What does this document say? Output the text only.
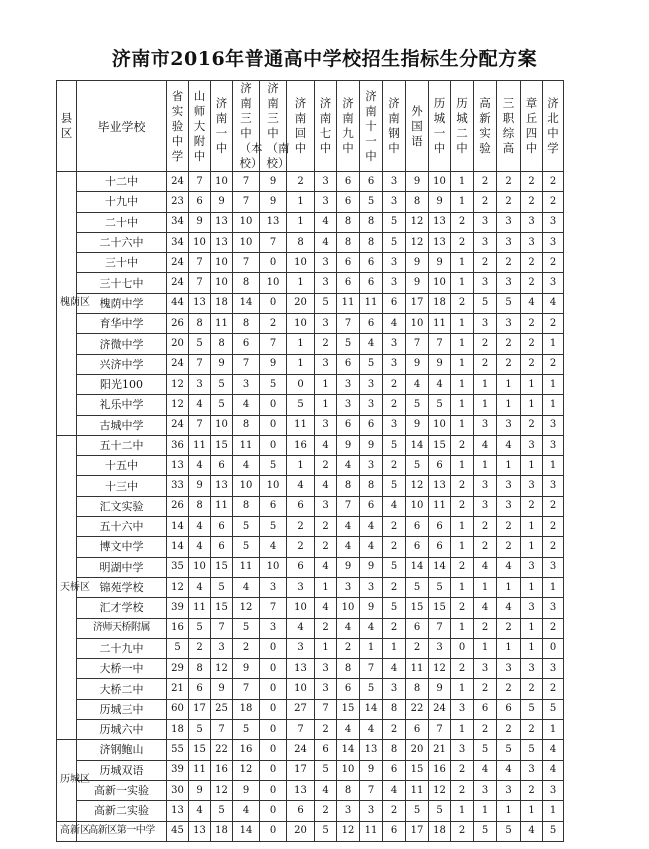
济南市2016年普通高中学校招生指标生分配方案
县区	毕业学校	省实验中学	山师大附中	济南一中	济南三中（本校）	济南三中（南校）	济南回中	济南七中	济南九中	济南十一中	济南钢中	外国语	历城一中	历城二中	高新实验	三职综高	章丘四中	济北中学	
槐荫区	十二中	24	7	10	7	9	2	3	6	6	3	9	10	1	2	2	2	2	
	十九中	23	6	9	7	9	1	3	6	5	3	8	9	1	2	2	2	2	
	二十中	34	9	13	10	13	1	4	8	8	5	12	13	2	3	3	3	3	
	二十六中	34	10	13	10	7	8	4	8	8	5	12	13	2	3	3	3	3	
	三十中	24	7	10	7	0	10	3	6	6	3	9	9	1	2	2	2	2	
	三十七中	24	7	10	8	10	1	3	6	6	3	9	10	1	3	3	2	3	
	槐荫中学	44	13	18	14	0	20	5	11	11	6	17	18	2	5	5	4	4	
	育华中学	26	8	11	8	2	10	3	7	6	4	10	11	1	3	3	2	2	
	济微中学	20	5	8	6	7	1	2	5	4	3	7	7	1	2	2	2	1	
	兴济中学	24	7	9	7	9	1	3	6	5	3	9	9	1	2	2	2	2	
	阳光100	12	3	5	3	5	0	1	3	3	2	4	4	1	1	1	1	1	
	礼乐中学	12	4	5	4	0	5	1	3	3	2	5	5	1	1	1	1	1	
	古城中学	24	7	10	8	0	11	3	6	6	3	9	10	1	3	3	2	3	
天桥区	五十二中	36	11	15	11	0	16	4	9	9	5	14	15	2	4	4	3	3	
	十五中	13	4	6	4	5	1	2	4	3	2	5	6	1	1	1	1	1	
	十三中	33	9	13	10	10	4	4	8	8	5	12	13	2	3	3	3	3	
	汇文实验	26	8	11	8	6	6	3	7	6	4	10	11	2	3	3	2	2	
	五十六中	14	4	6	5	5	2	2	4	4	2	6	6	1	2	2	1	2	
	博文中学	14	4	6	5	4	2	2	4	4	2	6	6	1	2	2	1	2	
	明湖中学	35	10	15	11	10	6	4	9	9	5	14	14	2	4	4	3	3	
	锦苑学校	12	4	5	4	3	3	1	3	3	2	5	5	1	1	1	1	1	
	汇才学校	39	11	15	12	7	10	4	10	9	5	15	15	2	4	4	3	3	
	济师天桥附属	16	5	7	5	3	4	2	4	4	2	6	7	1	2	2	1	2	
	二十九中	5	2	3	2	0	3	1	2	1	1	2	3	0	1	1	1	0	
	大桥一中	29	8	12	9	0	13	3	8	7	4	11	12	2	3	3	3	3	
	大桥二中	21	6	9	7	0	10	3	6	5	3	8	9	1	2	2	2	2	
	历城三中	60	17	25	18	0	27	7	15	14	8	22	24	3	6	6	5	5	
	历城六中	18	5	7	5	0	7	2	4	4	2	6	7	1	2	2	2	1	
历城区	济钢鲍山	55	15	22	16	0	24	6	14	13	8	20	21	3	5	5	5	4	
	历城双语	39	11	16	12	0	17	5	10	9	6	15	16	2	4	4	3	4	
	高新一实验	30	9	12	9	0	13	4	8	7	4	11	12	2	3	3	2	3	
	高新二实验	13	4	5	4	0	6	2	3	3	2	5	5	1	1	1	1	1	
高新区	高新区第一中学	45	13	18	14	0	20	5	12	11	6	17	18	2	5	5	4	5	
